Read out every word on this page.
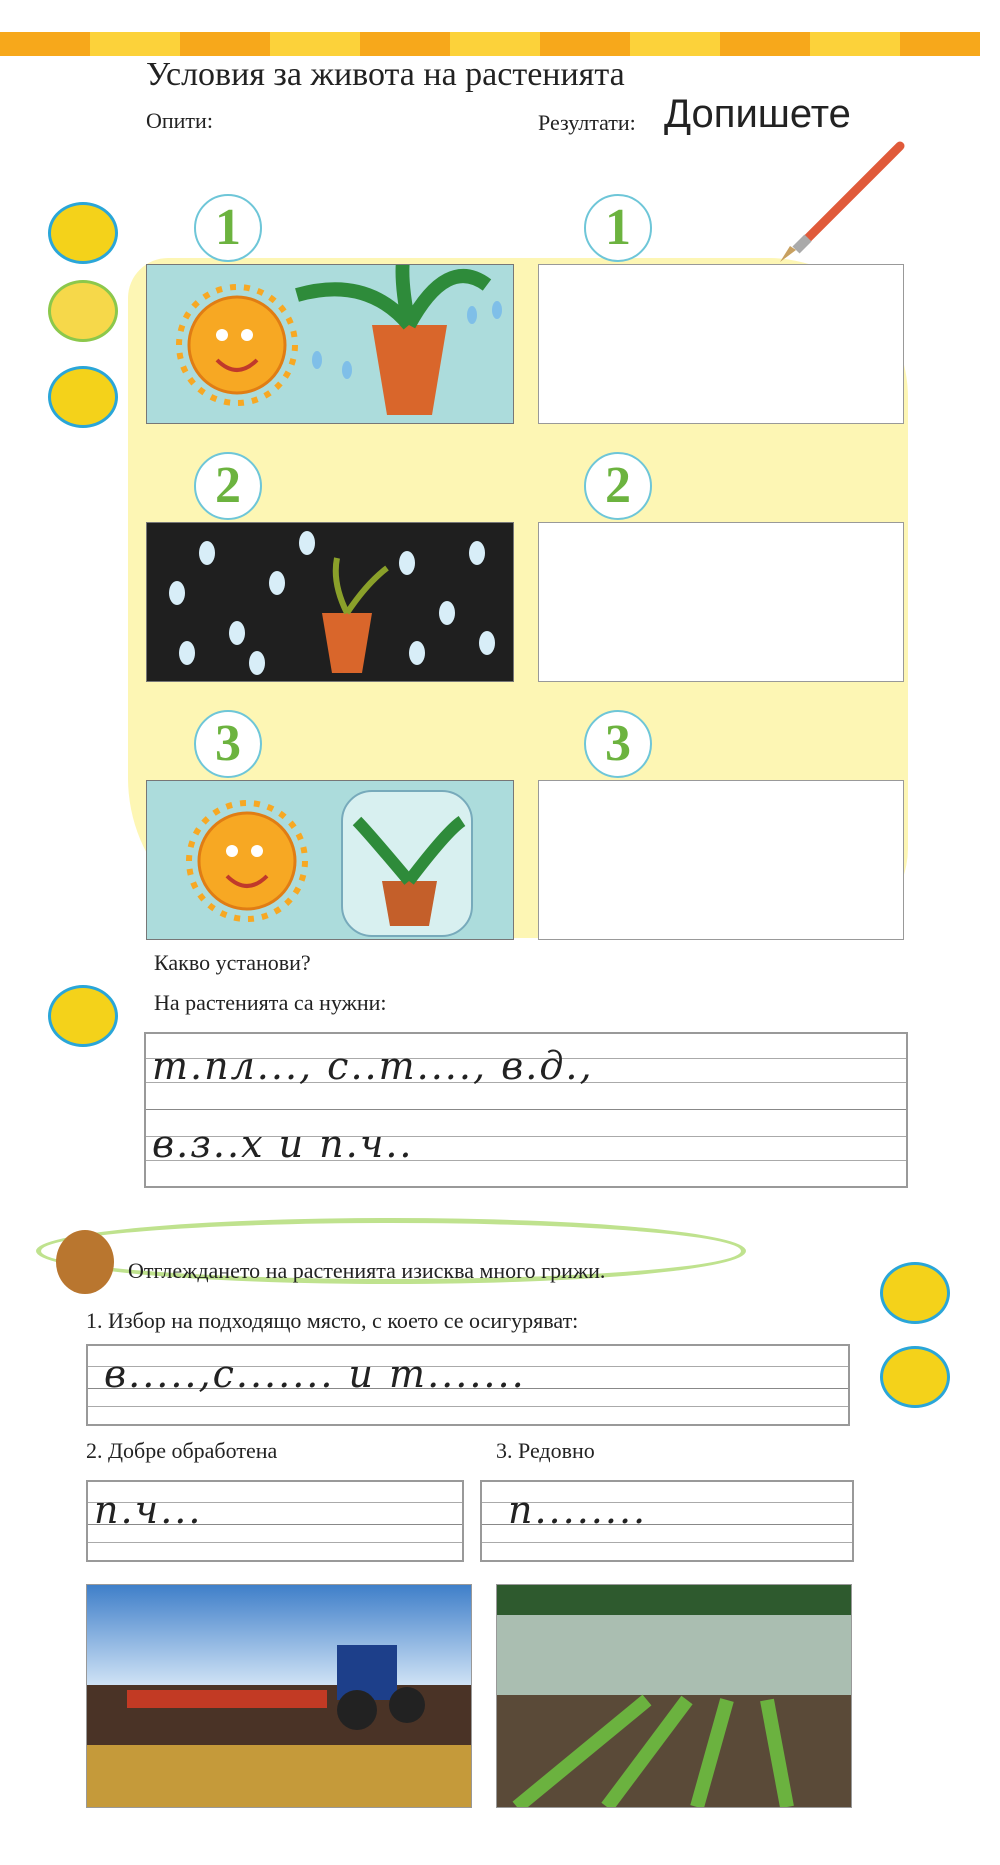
Условия за живота на растенията
Опити:	Резултати: Допишете
1	1
2	2
3	3
Какво установи?
На растенията са нужни:
т.пл..., с..т...., в.д.,
в.з..х и п.ч..
Отглеждането на растенията изисква много грижи.
1. Избор на подходящо място, с което се осигуряват:
в.....,с....... и т.......
2. Добре обработена	3. Редовно
п.ч...	п........
